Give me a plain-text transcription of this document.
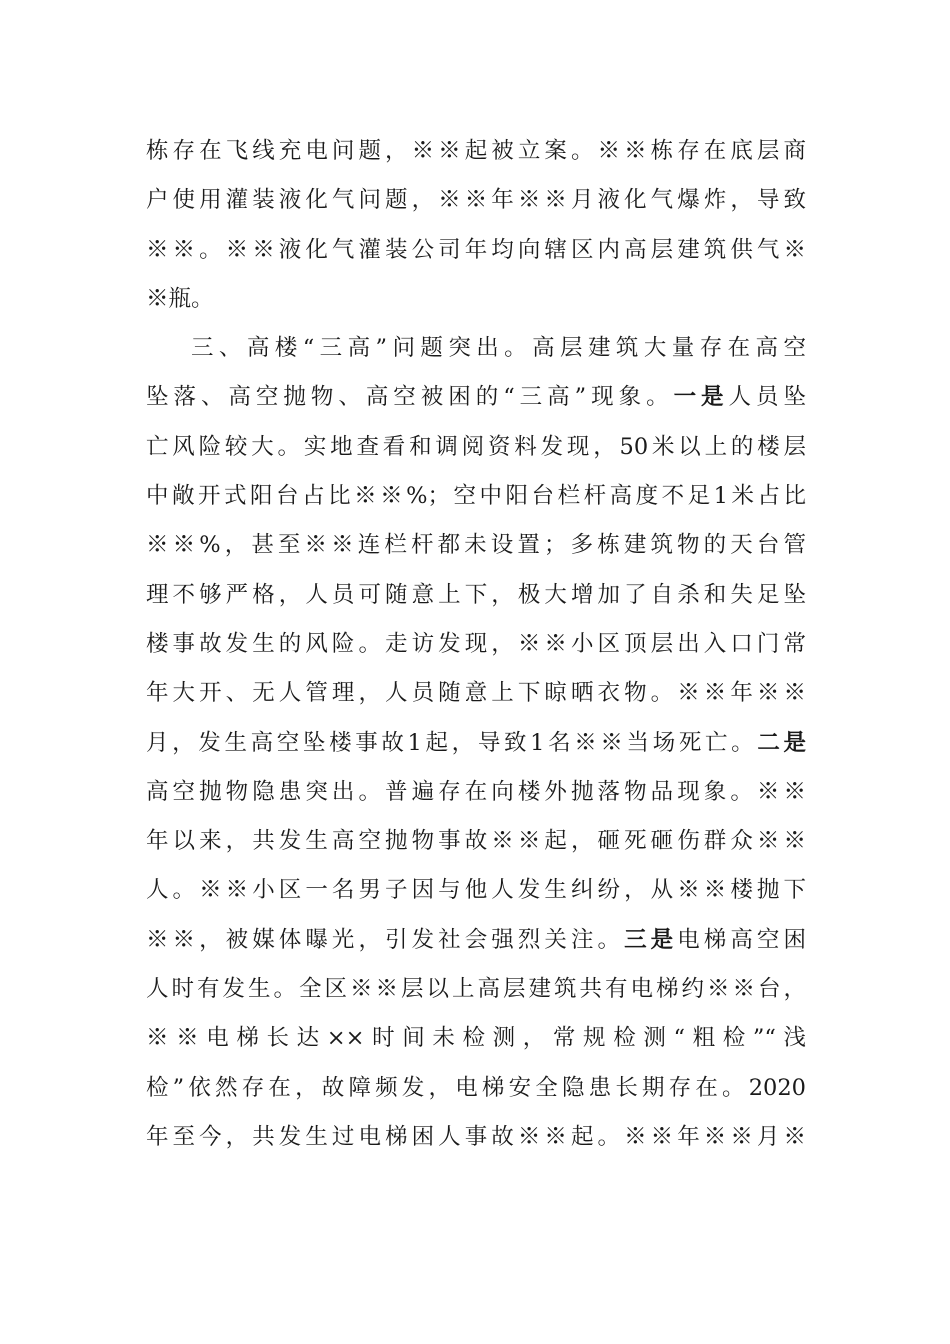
栋存在飞线充电问题，※※起被立案。※※栋存在底层商
户使用灌装液化气问题，※※年※※月液化气爆炸，导致
※※。※※液化气灌装公司年均向辖区内高层建筑供气※
※瓶。
三、高楼“三高”问题突出。高层建筑大量存在高空
坠落、高空抛物、高空被困的“三高”现象。一是人员坠
亡风险较大。实地查看和调阅资料发现，50米以上的楼层
中敞开式阳台占比※※%；空中阳台栏杆高度不足1米占比
※※%，甚至※※连栏杆都未设置；多栋建筑物的天台管
理不够严格，人员可随意上下，极大增加了自杀和失足坠
楼事故发生的风险。走访发现，※※小区顶层出入口门常
年大开、无人管理，人员随意上下晾晒衣物。※※年※※
月，发生高空坠楼事故1起，导致1名※※当场死亡。二是
高空抛物隐患突出。普遍存在向楼外抛落物品现象。※※
年以来，共发生高空抛物事故※※起，砸死砸伤群众※※
人。※※小区一名男子因与他人发生纠纷，从※※楼抛下
※※，被媒体曝光，引发社会强烈关注。三是电梯高空困
人时有发生。全区※※层以上高层建筑共有电梯约※※台，
※※电梯长达××时间未检测，常规检测“粗检”“浅
检”依然存在，故障频发，电梯安全隐患长期存在。2020
年至今，共发生过电梯困人事故※※起。※※年※※月※
